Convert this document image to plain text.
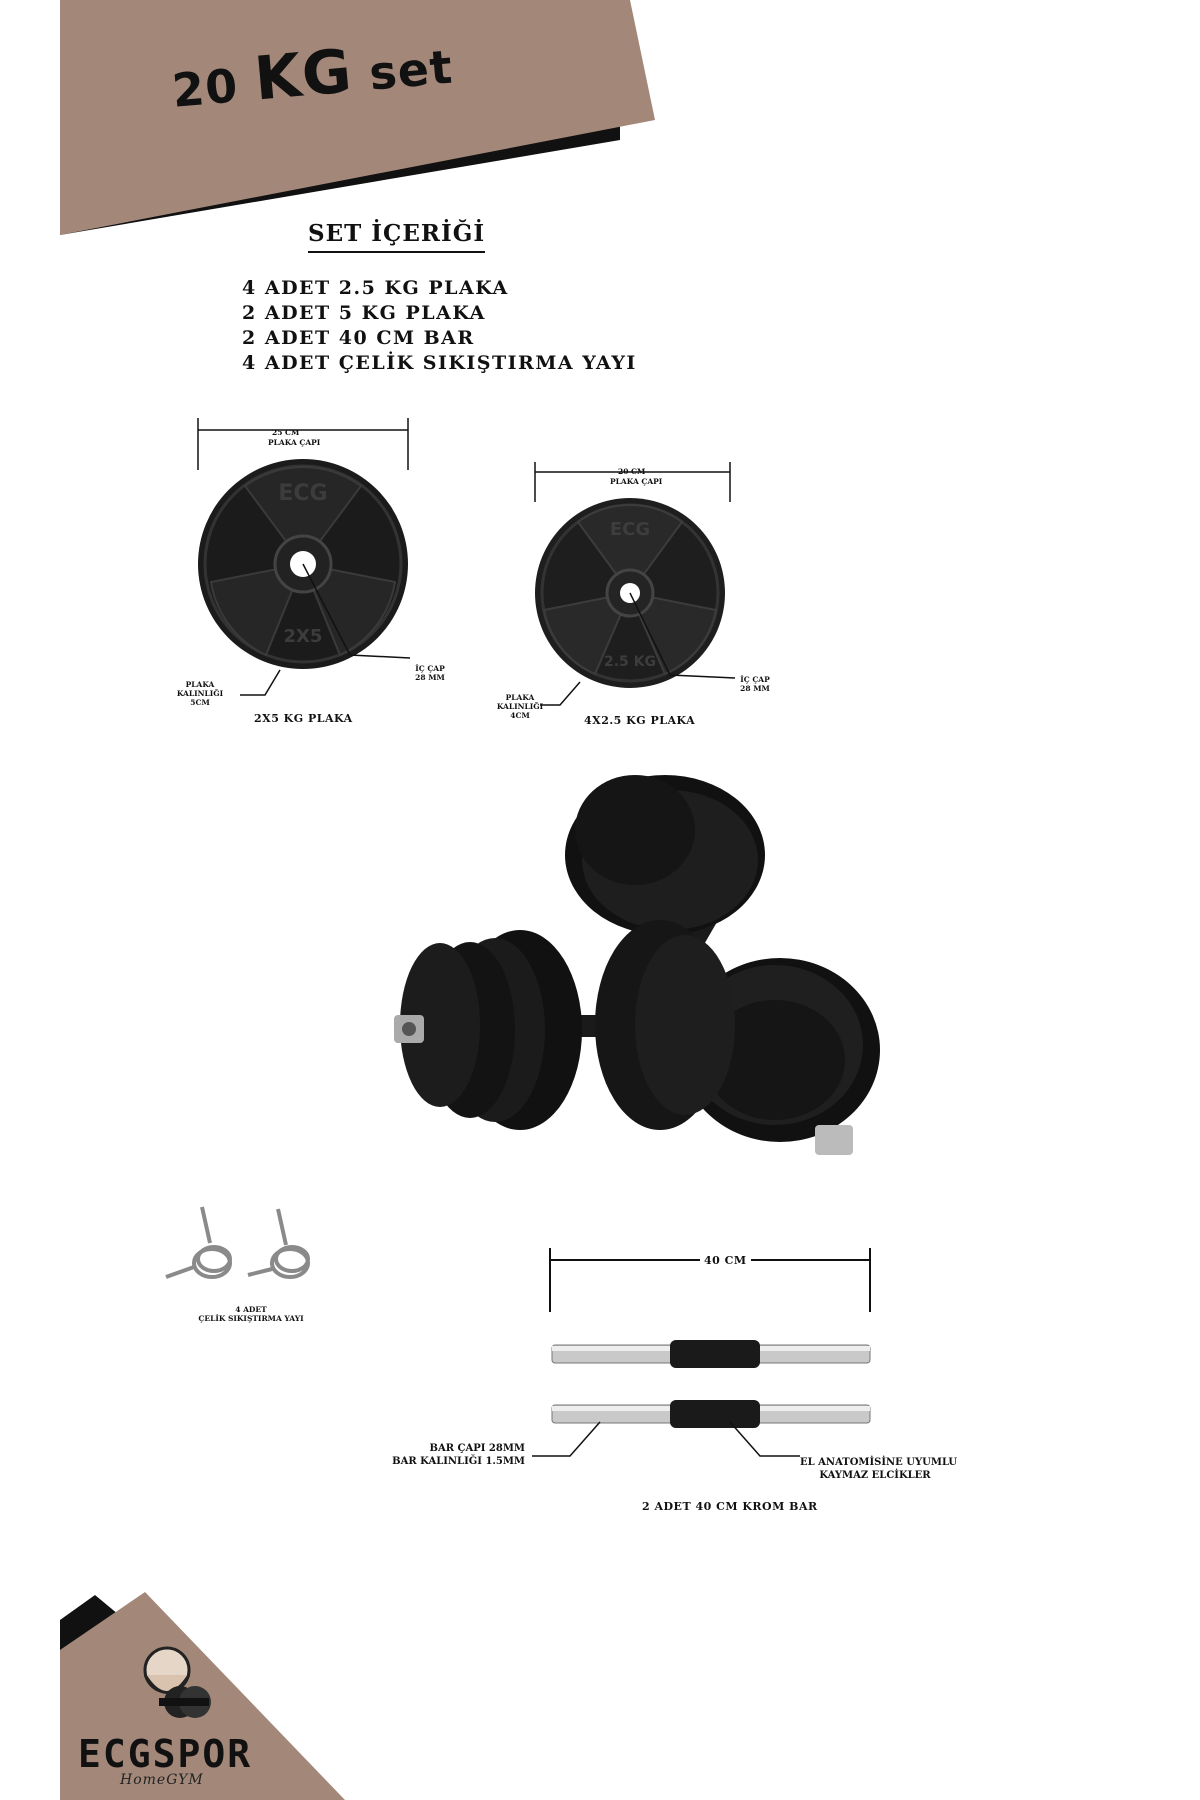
20 KG set
SET İÇERİĞİ
4 ADET 2.5 KG PLAKA
2 ADET 5 KG PLAKA
2 ADET 40 CM BAR
4 ADET ÇELİK SIKIŞTIRMA YAYI
ECG
2X5
25 CM
PLAKA ÇAPI
PLAKA
KALINLIĞI
5CM
İÇ ÇAP
28 MM
2X5 KG PLAKA
ECG
2.5 KG
20 CM
PLAKA ÇAPI
PLAKA
KALINLIĞI
4CM
İÇ ÇAP
28 MM
4X2.5 KG PLAKA
4 ADET
ÇELİK SIKIŞTIRMA YAYI
40 CM
BAR ÇAPI 28MM
BAR KALINLIĞI 1.5MM	EL ANATOMİSİNE UYUMLU
KAYMAZ ELCİKLER
2 ADET 40 CM KROM BAR
ECGSPOR
HomeGYM
